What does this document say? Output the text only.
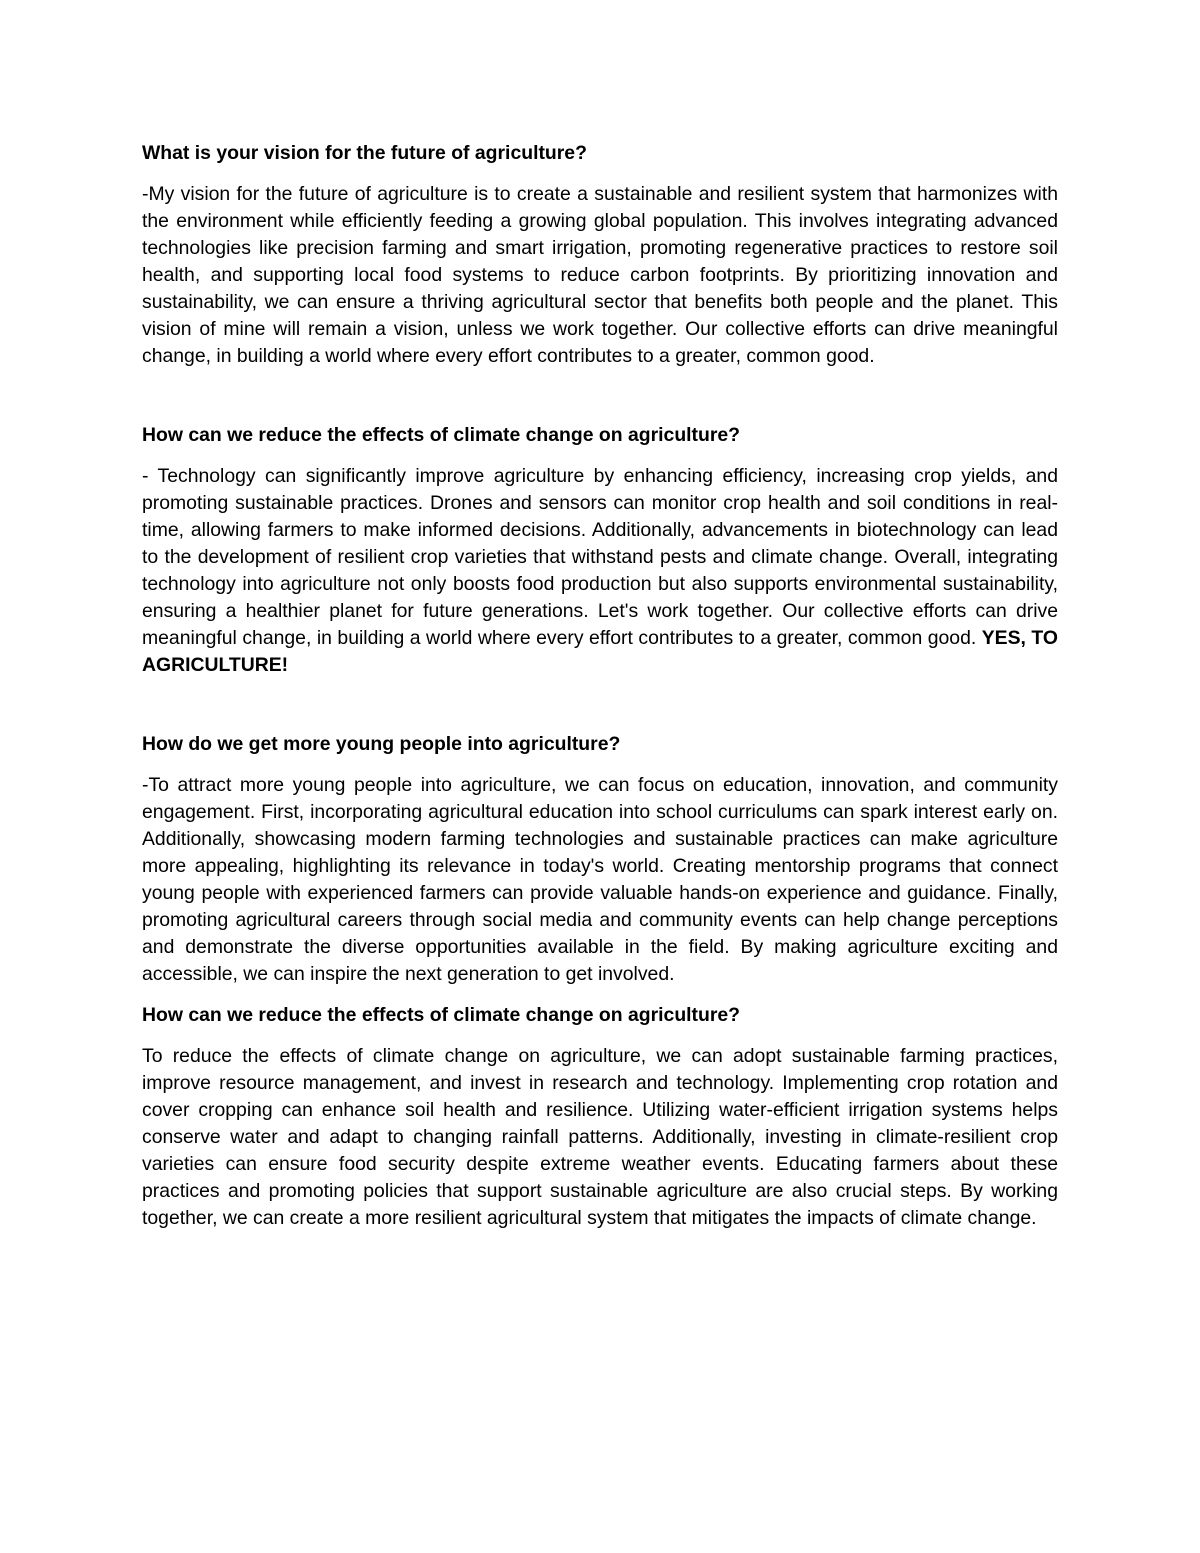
What is your vision for the future of agriculture?

-My vision for the future of agriculture is to create a sustainable and resilient system that harmonizes with the environment while efficiently feeding a growing global population. This involves integrating advanced technologies like precision farming and smart irrigation, promoting regenerative practices to restore soil health, and supporting local food systems to reduce carbon footprints. By prioritizing innovation and sustainability, we can ensure a thriving agricultural sector that benefits both people and the planet. This vision of mine will remain a vision, unless we work together. Our collective efforts can drive meaningful change, in building a world where every effort contributes to a greater, common good.

How can we reduce the effects of climate change on agriculture?

- Technology can significantly improve agriculture by enhancing efficiency, increasing crop yields, and promoting sustainable practices. Drones and sensors can monitor crop health and soil conditions in real-time, allowing farmers to make informed decisions. Additionally, advancements in biotechnology can lead to the development of resilient crop varieties that withstand pests and climate change. Overall, integrating technology into agriculture not only boosts food production but also supports environmental sustainability, ensuring a healthier planet for future generations. Let's work together. Our collective efforts can drive meaningful change, in building a world where every effort contributes to a greater, common good. YES, TO AGRICULTURE!

How do we get more young people into agriculture?

-To attract more young people into agriculture, we can focus on education, innovation, and community engagement. First, incorporating agricultural education into school curriculums can spark interest early on. Additionally, showcasing modern farming technologies and sustainable practices can make agriculture more appealing, highlighting its relevance in today's world. Creating mentorship programs that connect young people with experienced farmers can provide valuable hands-on experience and guidance. Finally, promoting agricultural careers through social media and community events can help change perceptions and demonstrate the diverse opportunities available in the field. By making agriculture exciting and accessible, we can inspire the next generation to get involved.

How can we reduce the effects of climate change on agriculture?

To reduce the effects of climate change on agriculture, we can adopt sustainable farming practices, improve resource management, and invest in research and technology. Implementing crop rotation and cover cropping can enhance soil health and resilience. Utilizing water-efficient irrigation systems helps conserve water and adapt to changing rainfall patterns. Additionally, investing in climate-resilient crop varieties can ensure food security despite extreme weather events. Educating farmers about these practices and promoting policies that support sustainable agriculture are also crucial steps. By working together, we can create a more resilient agricultural system that mitigates the impacts of climate change.
